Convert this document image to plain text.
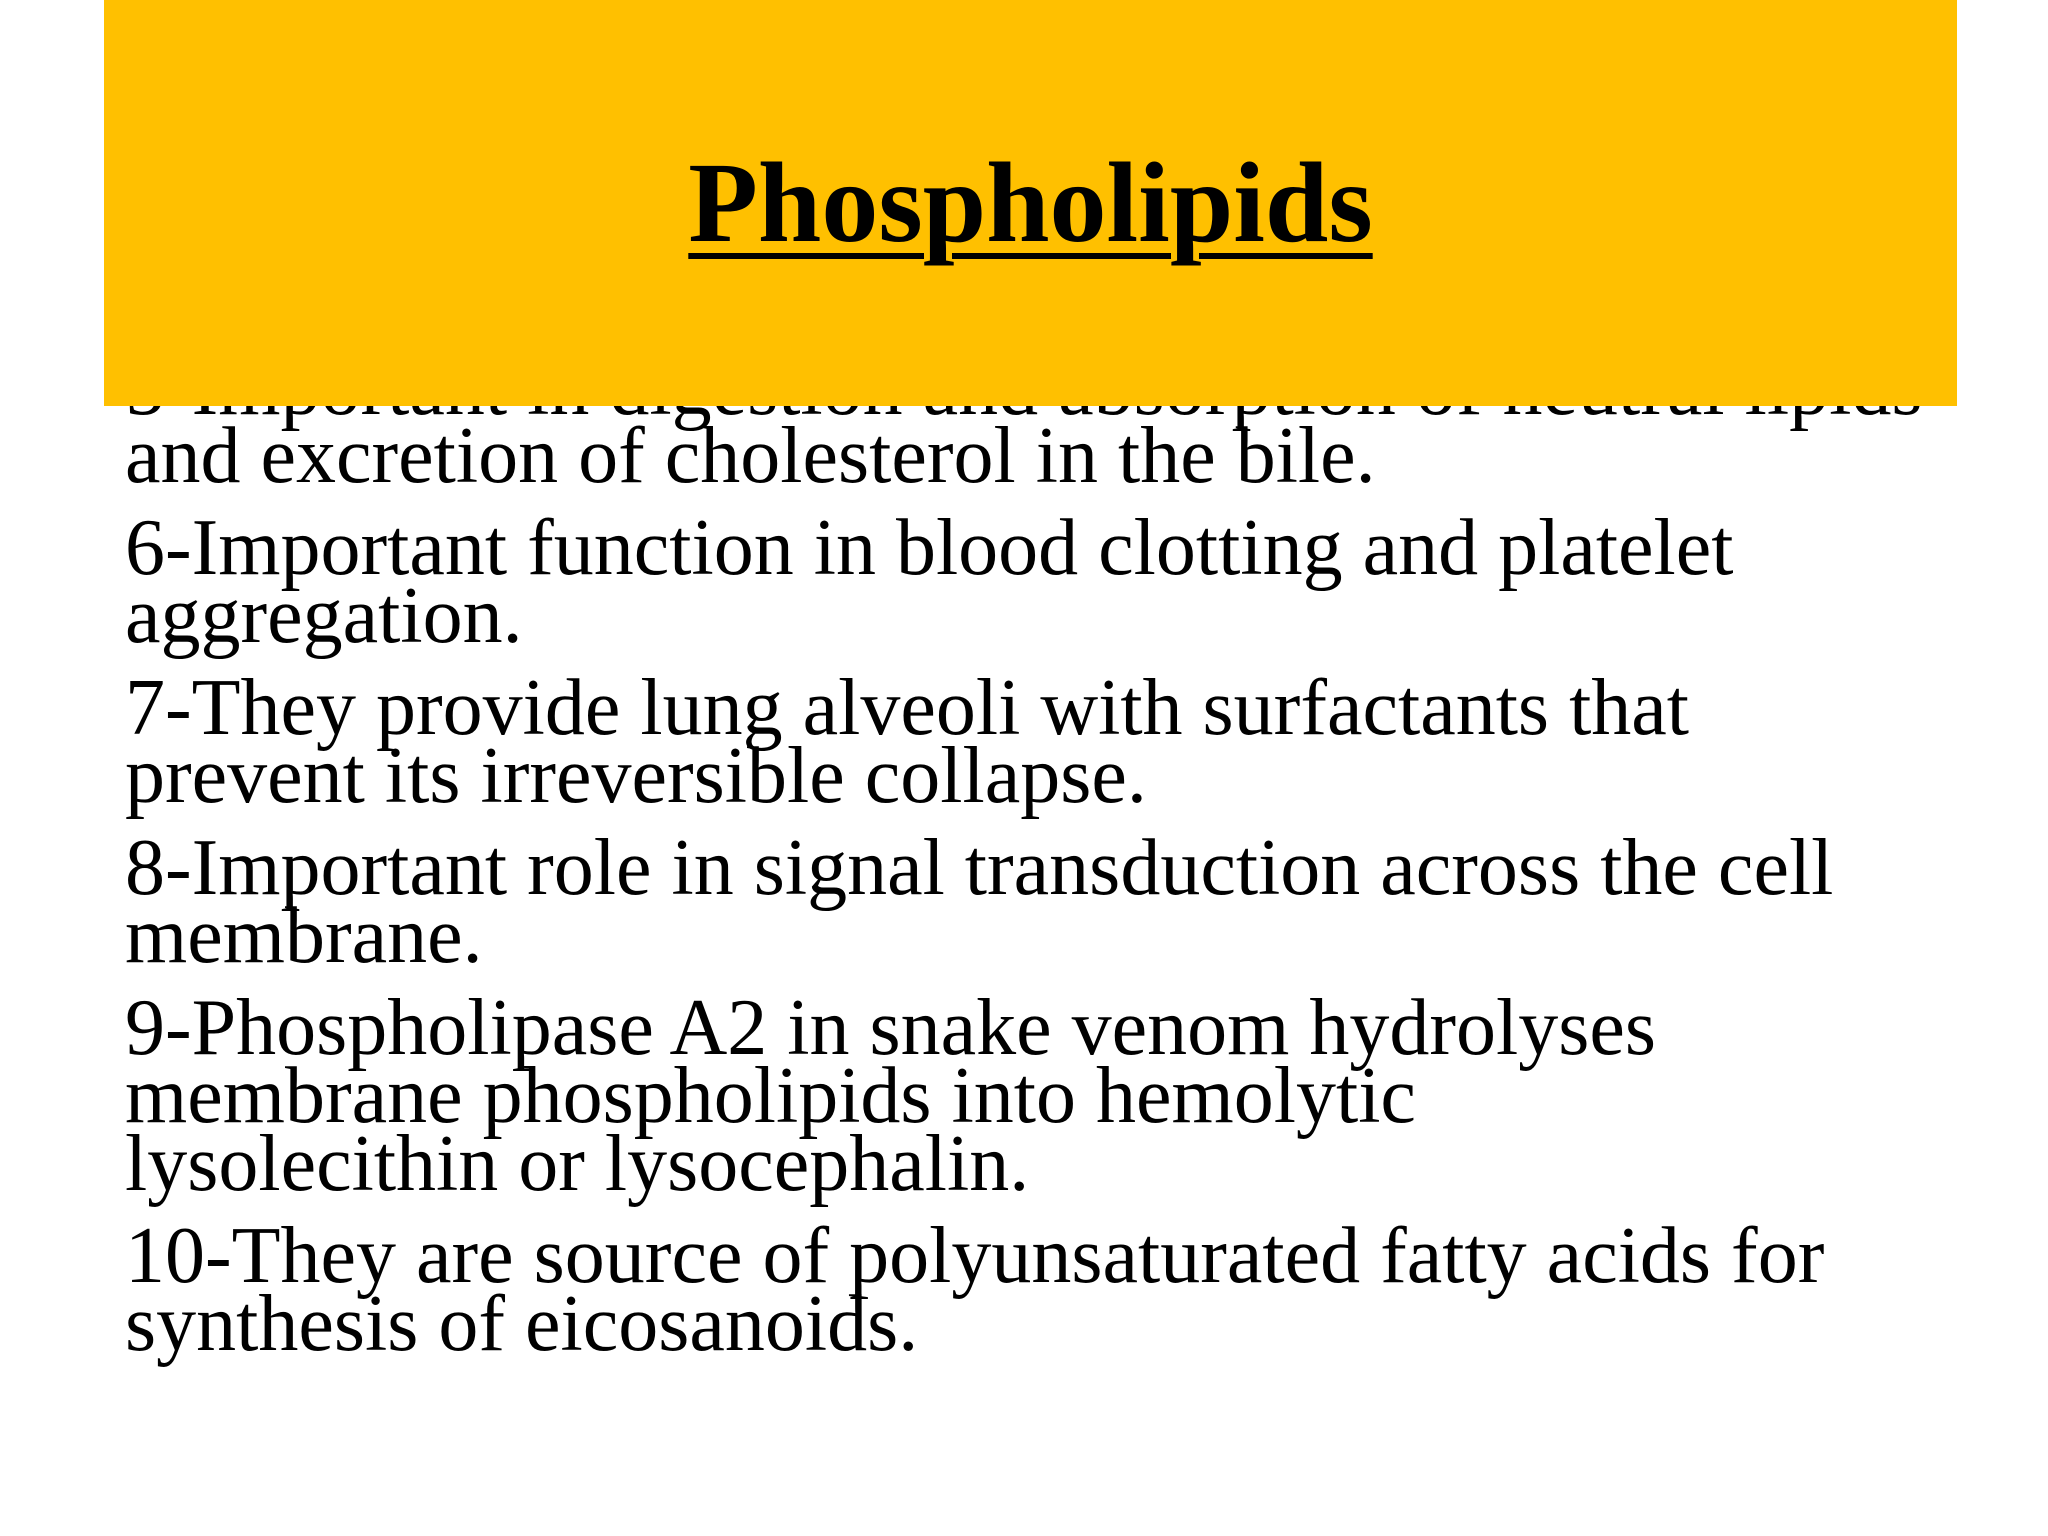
and excretion of cholesterol in the bile.
6-Important function in blood clotting and platelet
aggregation.
7-They provide lung alveoli with surfactants that
prevent its irreversible collapse.
8-Important role in signal transduction across the cell
membrane.
9-Phospholipase A2 in snake venom hydrolyses
membrane phospholipids into hemolytic
lysolecithin or lysocephalin.
10-They are source of polyunsaturated fatty acids for
synthesis of eicosanoids.
Phospholipids
